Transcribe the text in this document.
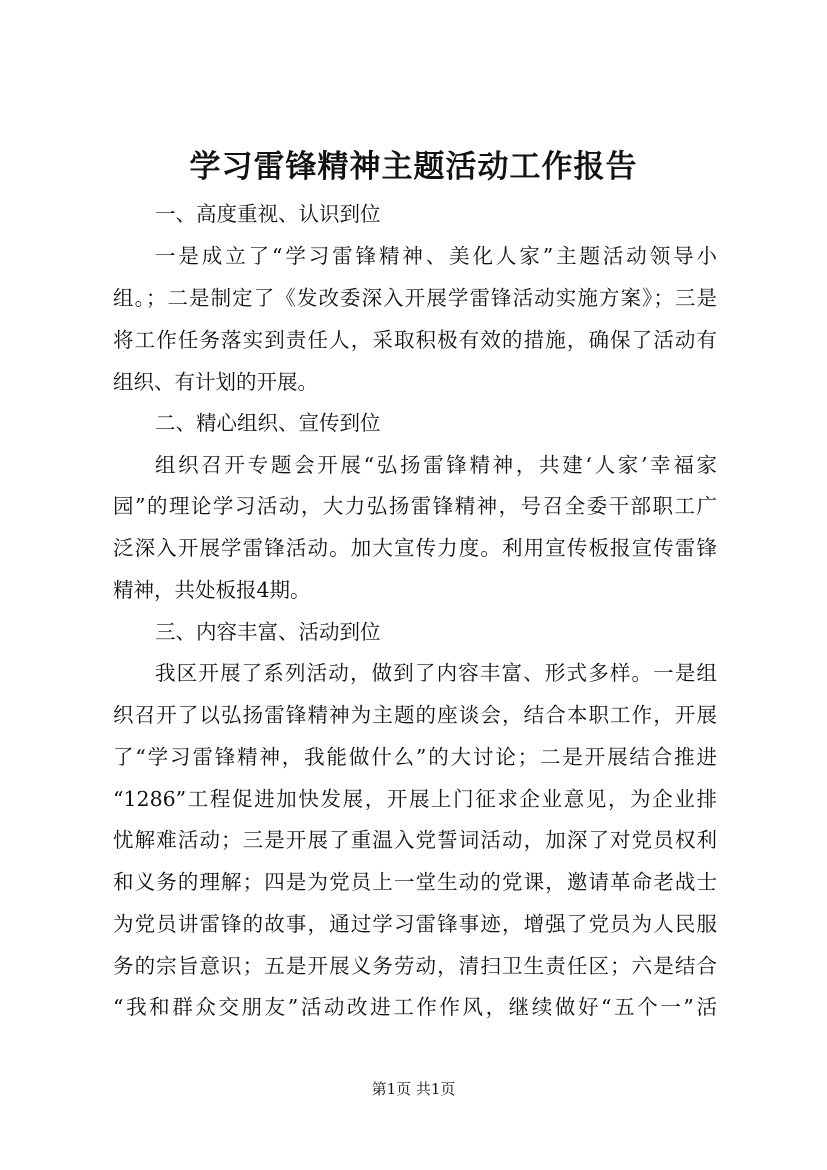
学习雷锋精神主题活动工作报告
一、高度重视、认识到位
一是成立了“学习雷锋精神、美化人家”主题活动领导小
组。；二是制定了《发改委深入开展学雷锋活动实施方案》；三是
将工作任务落实到责任人，采取积极有效的措施，确保了活动有
组织、有计划的开展。
二、精心组织、宣传到位
组织召开专题会开展“弘扬雷锋精神，共建‘人家’幸福家
园”的理论学习活动，大力弘扬雷锋精神，号召全委干部职工广
泛深入开展学雷锋活动。加大宣传力度。利用宣传板报宣传雷锋
精神，共处板报4期。
三、内容丰富、活动到位
我区开展了系列活动，做到了内容丰富、形式多样。一是组
织召开了以弘扬雷锋精神为主题的座谈会，结合本职工作，开展
了“学习雷锋精神，我能做什么”的大讨论；二是开展结合推进
“1286”工程促进加快发展，开展上门征求企业意见，为企业排
忧解难活动；三是开展了重温入党誓词活动，加深了对党员权利
和义务的理解；四是为党员上一堂生动的党课，邀请革命老战士
为党员讲雷锋的故事，通过学习雷锋事迹，增强了党员为人民服
务的宗旨意识；五是开展义务劳动，清扫卫生责任区；六是结合
“我和群众交朋友”活动改进工作作风，继续做好“五个一”活
第1页 共1页
